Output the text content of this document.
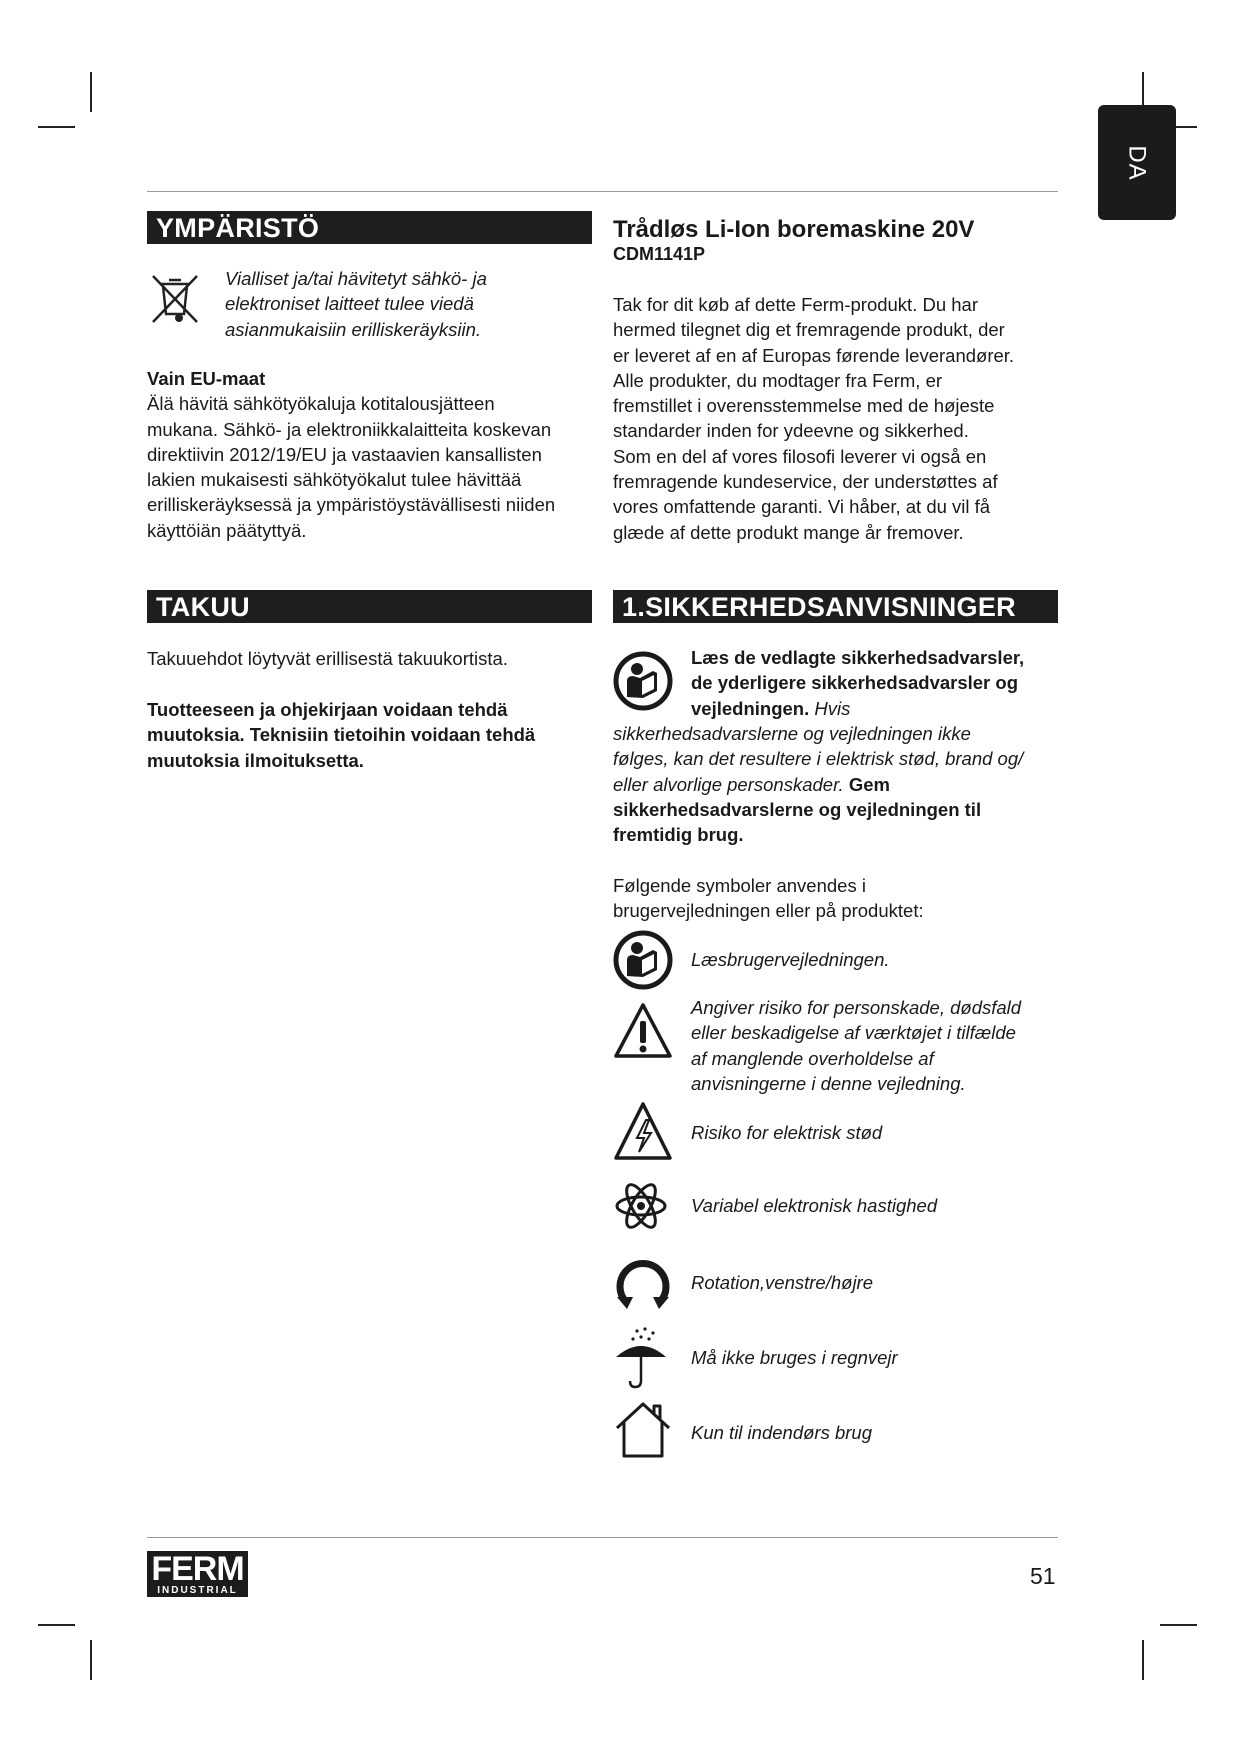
DA
YMPÄRISTÖ

Vialliset ja/tai hävitetyt sähkö- ja

elektroniset laitteet tulee viedä

asianmukaisiin erilliskeräyksiin.

Vain EU-maat

Älä hävitä sähkötyökaluja kotitalousjätteen

mukana. Sähkö- ja elektroniikkalaitteita koskevan

direktiivin 2012/19/EU ja vastaavien kansallisten

lakien mukaisesti sähkötyökalut tulee hävittää

erilliskeräyksessä ja ympäristöystävällisesti niiden

käyttöiän päätyttyä.

TAKUU

Takuuehdot löytyvät erillisestä takuukortista.

Tuotteeseen ja ohjekirjaan voidaan tehdä

muutoksia. Teknisiin tietoihin voidaan tehdä

muutoksia ilmoituksetta.

Trådløs Li-Ion boremaskine 20V
CDM1141P

Tak for dit køb af dette Ferm-produkt. Du har

hermed tilegnet dig et fremragende produkt, der

er leveret af en af Europas førende leverandører.

Alle produkter, du modtager fra Ferm, er

fremstillet i overensstemmelse med de højeste

standarder inden for ydeevne og sikkerhed.

Som en del af vores filosofi leverer vi også en

fremragende kundeservice, der understøttes af

vores omfattende garanti. Vi håber, at du vil få

glæde af dette produkt mange år fremover.

1.SIKKERHEDSANVISNINGER

Læs de vedlagte sikkerhedsadvarsler,

de yderligere sikkerhedsadvarsler og

vejledningen. Hvis

sikkerhedsadvarslerne og vejledningen ikke

følges, kan det resultere i elektrisk stød, brand og/

eller alvorlige personskader. Gem

sikkerhedsadvarslerne og vejledningen til

fremtidig brug.

Følgende symboler anvendes i

brugervejledningen eller på produktet:

Læsbrugervejledningen.
Angiver risiko for personskade, dødsfald
eller beskadigelse af værktøjet i tilfælde
af manglende overholdelse af
anvisningerne i denne vejledning.
Risiko for elektrisk stød
Variabel elektronisk hastighed
Rotation,venstre/højre
Må ikke bruges i regnvejr
Kun til indendørs brug
FERM
INDUSTRIAL
51
